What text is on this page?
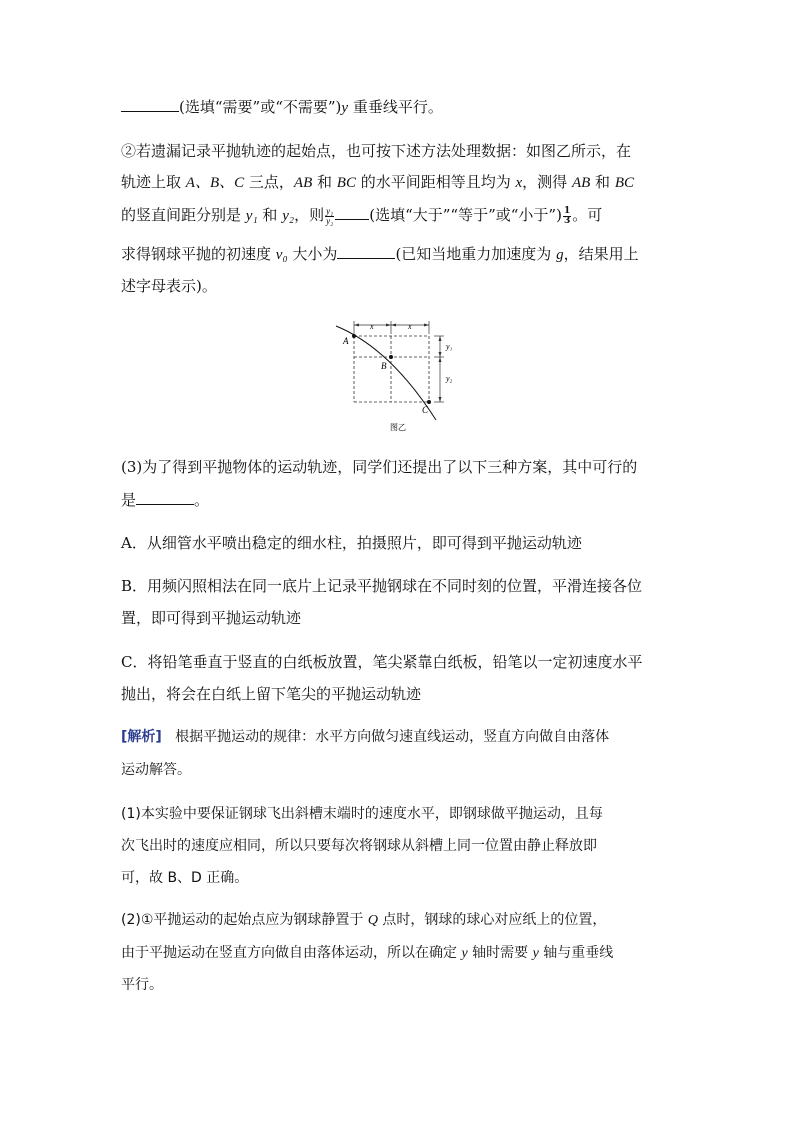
(选填“需要”或“不需要”)y 重垂线平行。
②若遗漏记录平抛轨迹的起始点，也可按下述方法处理数据：如图乙所示，在
轨迹上取 A、B、C 三点，AB 和 BC 的水平间距相等且均为 x，测得 AB 和 BC
的竖直间距分别是 y₁ 和 y₂，则 $\frac{\text{y₁}}{\text{y₂}}$ (选填“大于”“等于”或“小于”) $\frac{1}{3}$ 。可
求得钢球平抛的初速度 v₀ 大小为	(已知当地重力加速度为 g，结果用上
述字母表示)。
x	x
y₁
y₂
A
B
C
图乙
(3)为了得到平抛物体的运动轨迹，同学们还提出了以下三种方案，其中可行的
是	。
A．从细管水平喷出稳定的细水柱，拍摄照片，即可得到平抛运动轨迹
B．用频闪照相法在同一底片上记录平抛钢球在不同时刻的位置，平滑连接各位
置，即可得到平抛运动轨迹
C．将铅笔垂直于竖直的白纸板放置，笔尖紧靠白纸板，铅笔以一定初速度水平
抛出，将会在白纸上留下笔尖的平抛运动轨迹
[解析] 根据平抛运动的规律：水平方向做匀速直线运动，竖直方向做自由落体
运动解答。
(1)本实验中要保证钢球飞出斜槽末端时的速度水平，即钢球做平抛运动，且每
次飞出时的速度应相同，所以只要每次将钢球从斜槽上同一位置由静止释放即
可，故 B、D 正确。
(2)①平抛运动的起始点应为钢球静置于 Q 点时，钢球的球心对应纸上的位置，
由于平抛运动在竖直方向做自由落体运动，所以在确定 y 轴时需要 y 轴与重垂线
平行。
